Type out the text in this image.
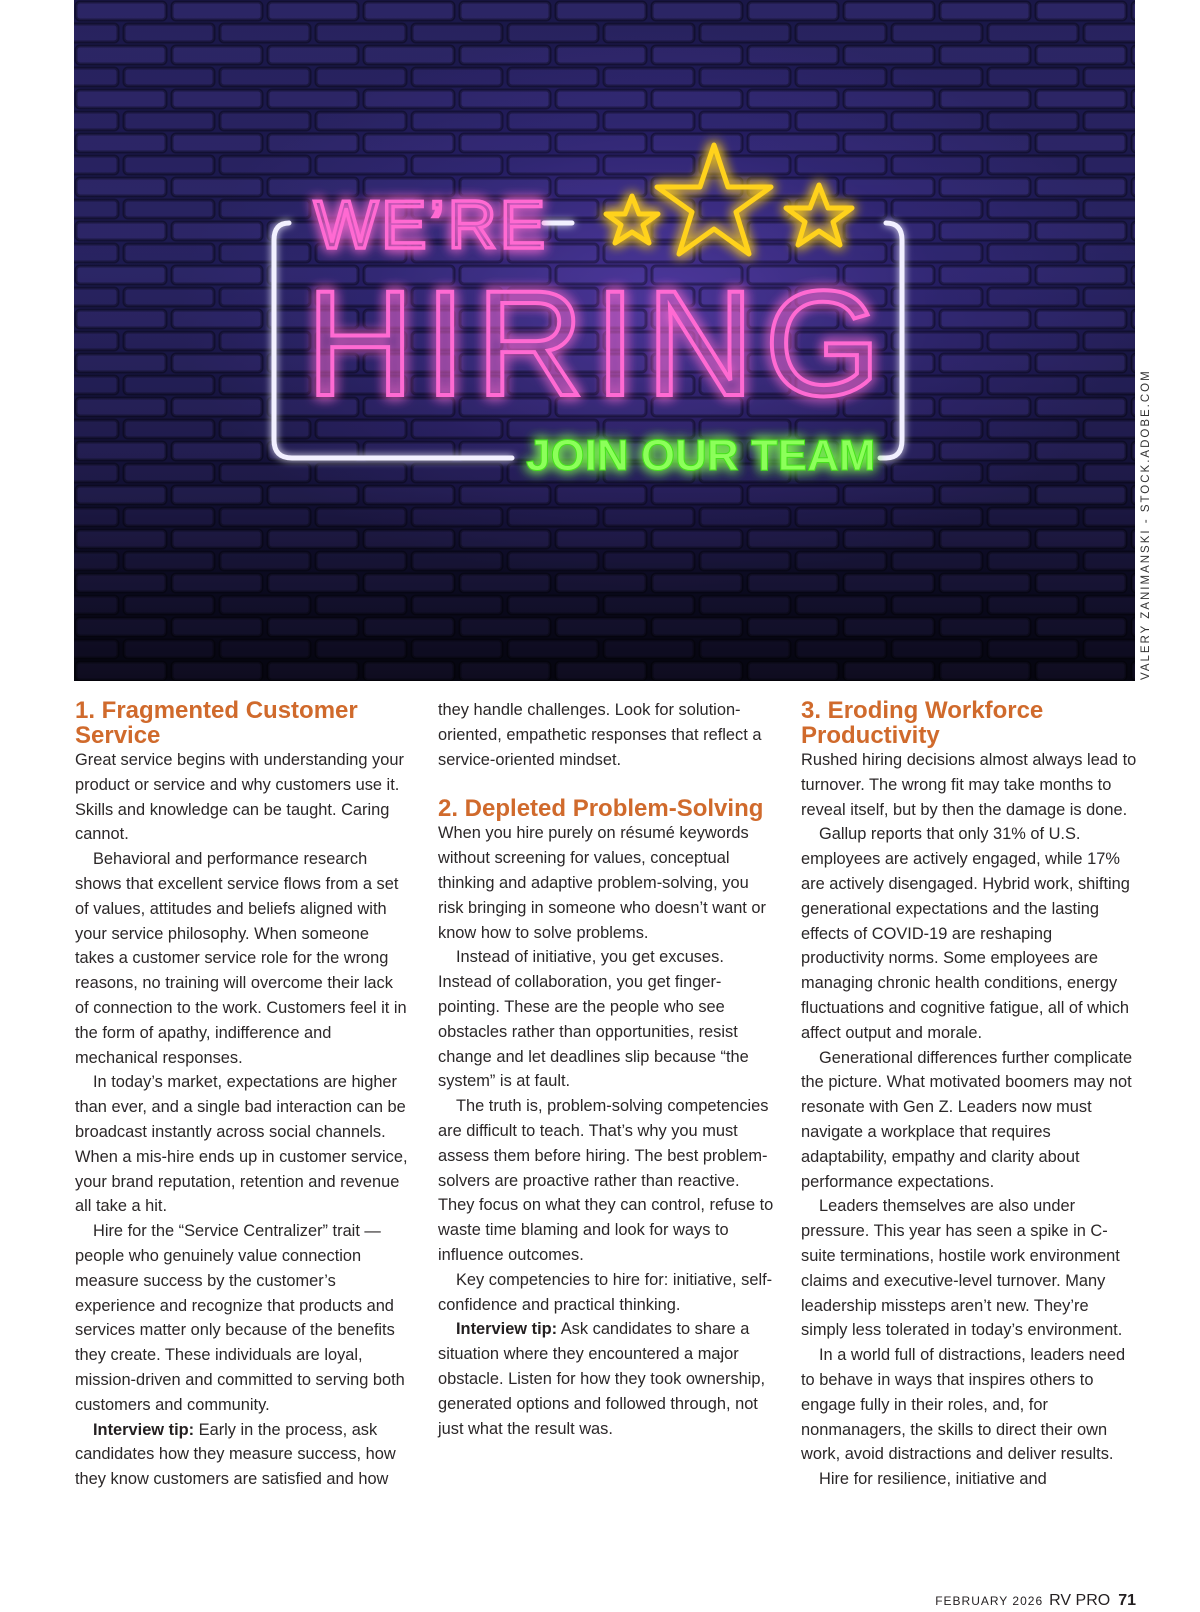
WE’RE
HIRING
JOIN OUR TEAM	VALERY ZANIMANSKI - STOCK.ADOBE.COM
1. Fragmented Customer Service

Great service begins with understanding your product or service and why customers use it. Skills and knowledge can be taught. Caring cannot.

Behavioral and performance research shows that excellent service flows from a set of values, attitudes and beliefs aligned with your service philosophy. When someone takes a customer service role for the wrong reasons, no training will overcome their lack of connection to the work. Customers feel it in the form of apathy, indifference and mechanical responses.

In today’s market, expectations are higher than ever, and a single bad interaction can be broadcast instantly across social channels. When a mis-hire ends up in customer service, your brand reputation, retention and revenue all take a hit.

Hire for the “Service Centralizer” trait — people who genuinely value connection measure success by the customer’s experience and recognize that products and services matter only because of the benefits they create. These individuals are loyal, mission-driven and committed to serving both customers and community.

Interview tip: Early in the process, ask candidates how they measure success, how they know customers are satisfied and how

they handle challenges. Look for solution-oriented, empathetic responses that reflect a service-oriented mindset.

2. Depleted Problem-Solving

When you hire purely on résumé keywords without screening for values, conceptual thinking and adaptive problem-solving, you risk bringing in someone who doesn’t want or know how to solve problems.

Instead of initiative, you get excuses. Instead of collaboration, you get finger-pointing. These are the people who see obstacles rather than opportunities, resist change and let deadlines slip because “the system” is at fault.

The truth is, problem-solving competencies are difficult to teach. That’s why you must assess them before hiring. The best problem-solvers are proactive rather than reactive. They focus on what they can control, refuse to waste time blaming and look for ways to influence outcomes.

Key competencies to hire for: initiative, self-confidence and practical thinking.

Interview tip: Ask candidates to share a situation where they encountered a major obstacle. Listen for how they took ownership, generated options and followed through, not just what the result was.

3. Eroding Workforce Productivity

Rushed hiring decisions almost always lead to turnover. The wrong fit may take months to reveal itself, but by then the damage is done.

Gallup reports that only 31% of U.S. employees are actively engaged, while 17% are actively disengaged. Hybrid work, shifting generational expectations and the lasting effects of COVID-19 are reshaping productivity norms. Some employees are managing chronic health conditions, energy fluctuations and cognitive fatigue, all of which affect output and morale.

Generational differences further complicate the picture. What motivated boomers may not resonate with Gen Z. Leaders now must navigate a workplace that requires adaptability, empathy and clarity about performance expectations.

Leaders themselves are also under pressure. This year has seen a spike in C-suite terminations, hostile work environment claims and executive-level turnover. Many leadership missteps aren’t new. They’re simply less tolerated in today’s environment.

In a world full of distractions, leaders need to behave in ways that inspires others to engage fully in their roles, and, for nonmanagers, the skills to direct their own work, avoid distractions and deliver results.

Hire for resilience, initiative and

FEBRUARY 2026 RV PRO 71
